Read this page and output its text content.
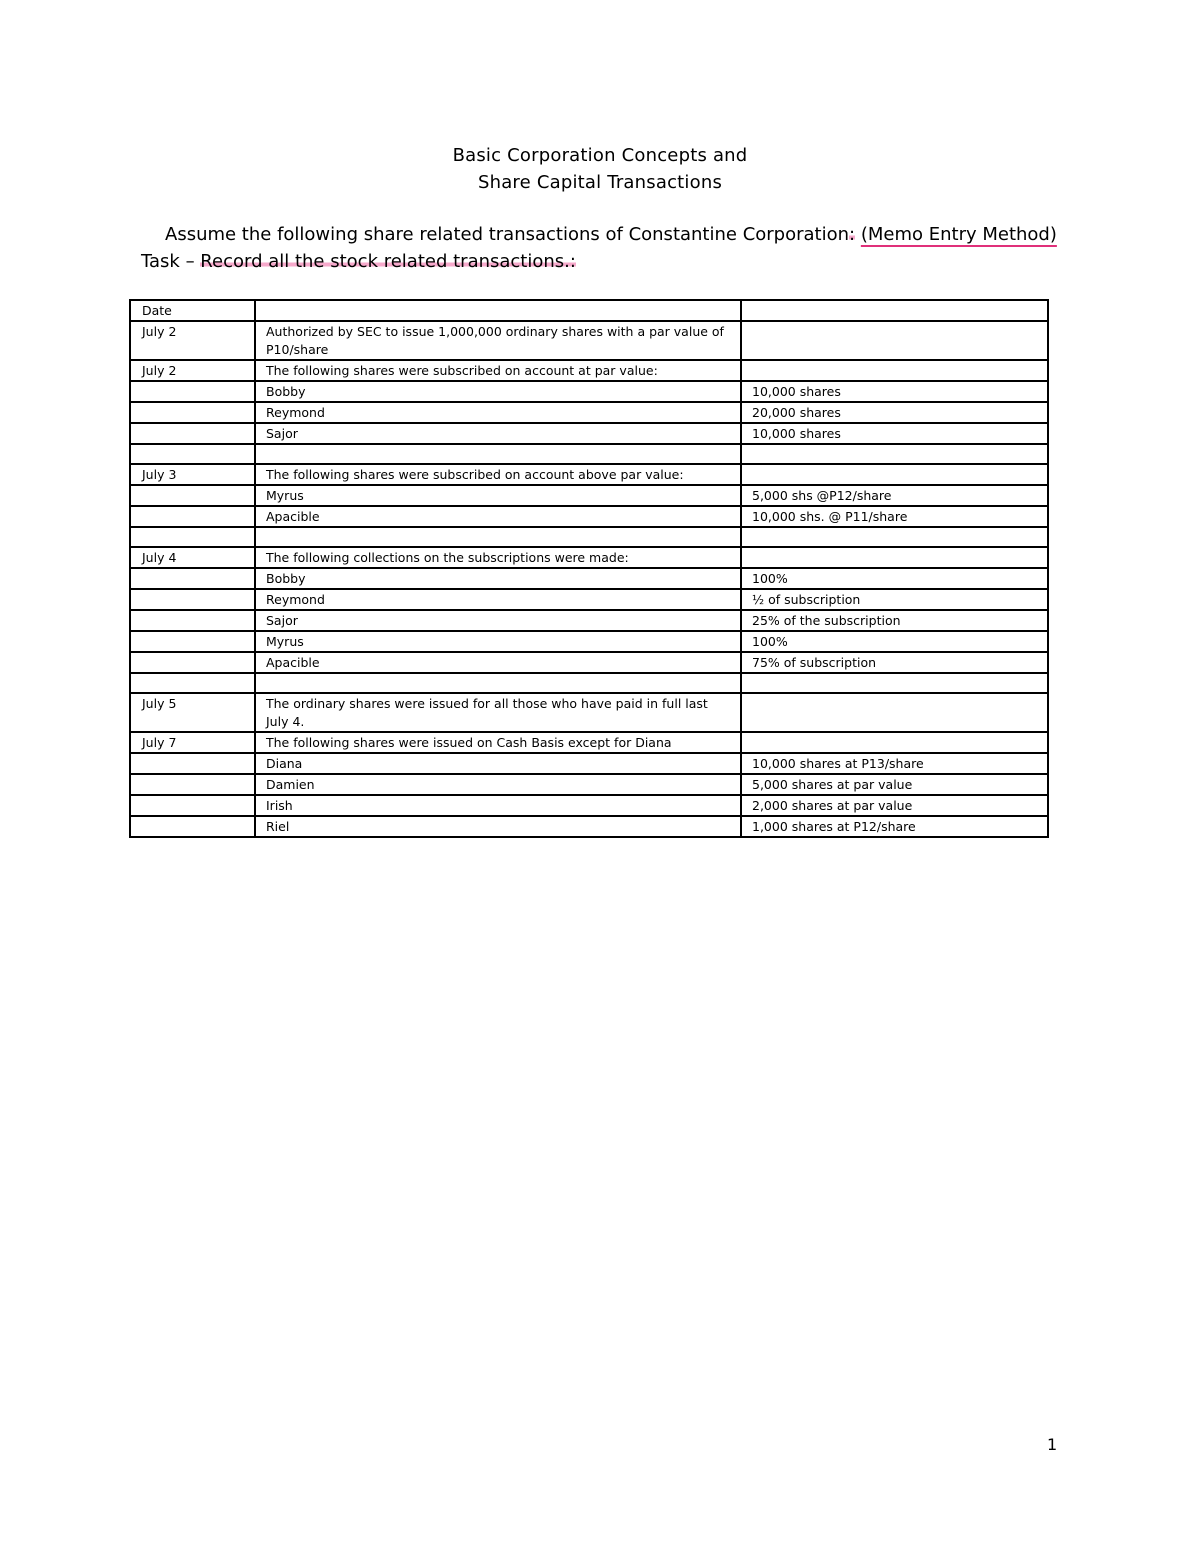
Basic Corporation Concepts and
Share Capital Transactions
Assume the following share related transactions of Constantine Corporation: (Memo Entry Method)
Task – Record all the stock related transactions.:
Date		
July 2	Authorized by SEC to issue 1,000,000 ordinary shares with a par value of P10/share	
July 2	The following shares were subscribed on account at par value:	
	Bobby	10,000 shares
	Reymond	20,000 shares
	Sajor	10,000 shares

July 3	The following shares were subscribed on account above par value:	
	Myrus	5,000 shs @P12/share
	Apacible	10,000 shs. @ P11/share

July 4	The following collections on the subscriptions were made:	
	Bobby	100%
	Reymond	½ of subscription
	Sajor	25% of the subscription
	Myrus	100%
	Apacible	75% of subscription

July 5	The ordinary shares were issued for all those who have paid in full last July 4.	
July 7	The following shares were issued on Cash Basis except for Diana	
	Diana	10,000 shares at P13/share
	Damien	5,000 shares at par value
	Irish	2,000 shares at par value
	Riel	1,000 shares at P12/share
1
